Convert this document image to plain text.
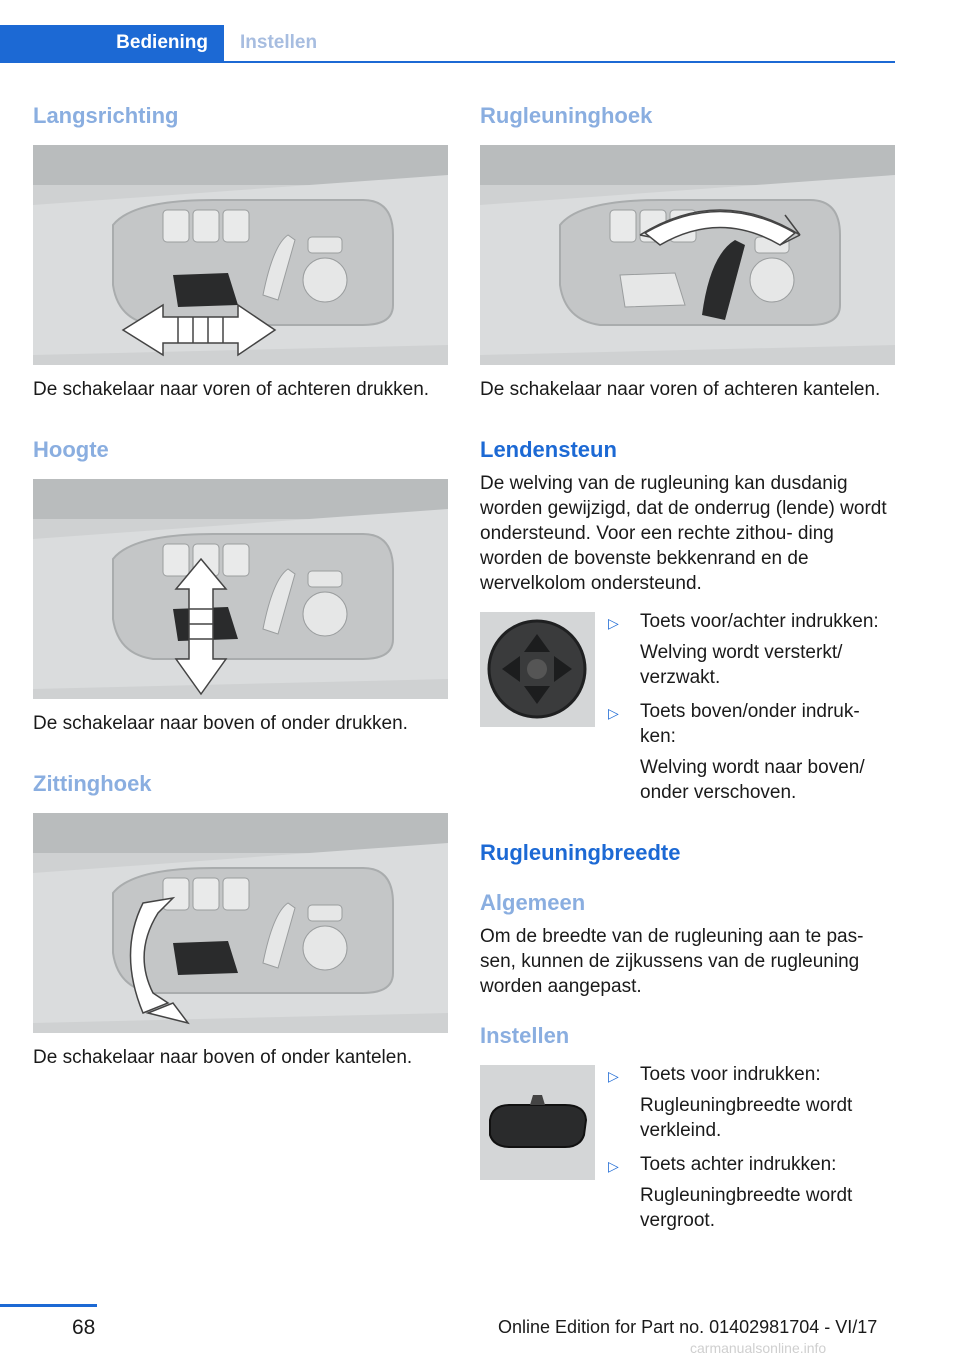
Bediening	Instellen
Langsrichting

De schakelaar naar voren of achteren drukken.

Hoogte

De schakelaar naar boven of onder drukken.

Zittinghoek

De schakelaar naar boven of onder kantelen.

Rugleuninghoek

De schakelaar naar voren of achteren kantelen.

Lendensteun

De welving van de rugleuning kan dusdanig worden gewijzigd, dat de onderrug (lende) wordt ondersteund. Voor een rechte zithou- ding worden de bovenste bekkenrand en de wervelkolom ondersteund.

▷ Toets voor/achter indrukken:
Welving wordt versterkt/ verzwakt.
▷ Toets boven/onder indruk- ken:
Welving wordt naar boven/ onder verschoven.
Rugleuningbreedte
Algemeen

Om de breedte van de rugleuning aan te pas- sen, kunnen de zijkussens van de rugleuning worden aangepast.

Instellen
▷ Toets voor indrukken:
Rugleuningbreedte wordt verkleind.
▷ Toets achter indrukken:
Rugleuningbreedte wordt vergroot.
68	Online Edition for Part no. 01402981704 - VI/17
carmanualsonline.info
